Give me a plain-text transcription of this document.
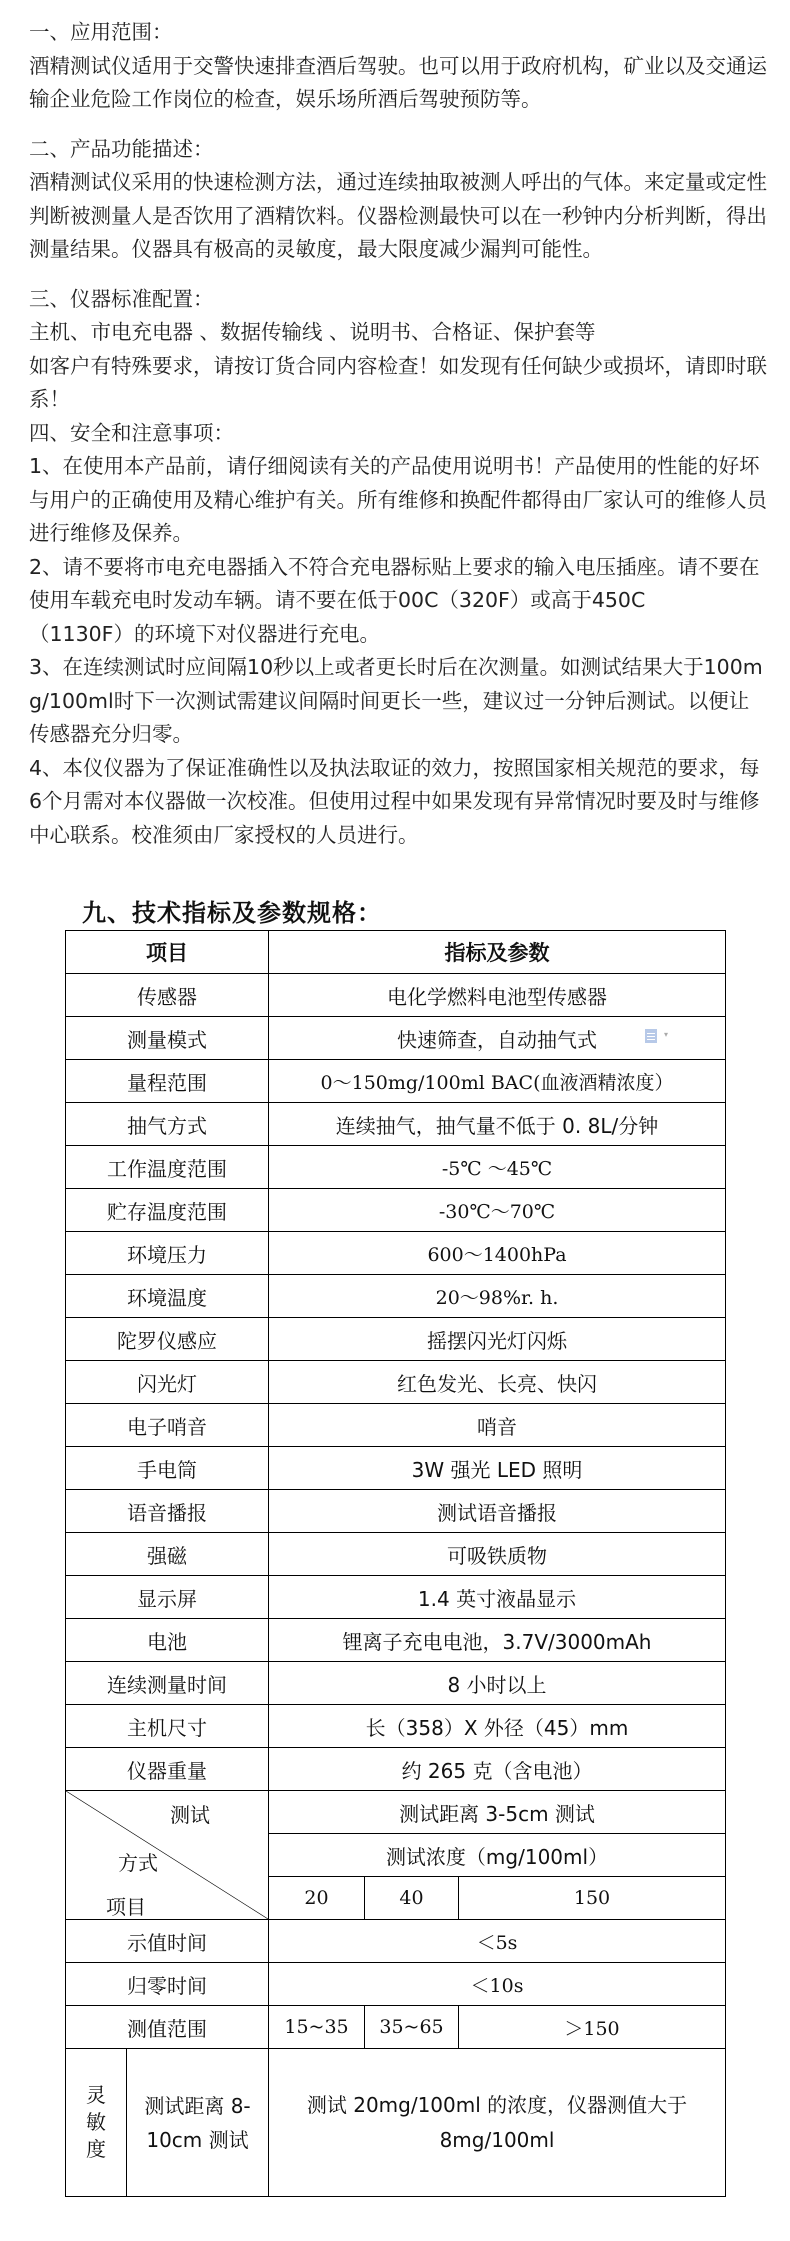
一、应用范围：

酒精测试仪适用于交警快速排查酒后驾驶。也可以用于政府机构，矿业以及交通运输企业危险工作岗位的检查，娱乐场所酒后驾驶预防等。

二、产品功能描述：

酒精测试仪采用的快速检测方法，通过连续抽取被测人呼出的气体。来定量或定性判断被测量人是否饮用了酒精饮料。仪器检测最快可以在一秒钟内分析判断，得出测量结果。仪器具有极高的灵敏度，最大限度减少漏判可能性。

三、仪器标准配置：

主机、市电充电器 、数据传输线 、说明书、合格证、保护套等

如客户有特殊要求，请按订货合同内容检查！如发现有任何缺少或损坏，请即时联系！

四、安全和注意事项：

1、在使用本产品前，请仔细阅读有关的产品使用说明书！产品使用的性能的好坏与用户的正确使用及精心维护有关。所有维修和换配件都得由厂家认可的维修人员进行维修及保养。

2、请不要将市电充电器插入不符合充电器标贴上要求的输入电压插座。请不要在使用车载充电时发动车辆。请不要在低于00C（320F）或高于450C

（1130F）的环境下对仪器进行充电。

3、在连续测试时应间隔10秒以上或者更长时后在次测量。如测试结果大于100mg/100ml时下一次测试需建议间隔时间更长一些，建议过一分钟后测试。以便让传感器充分归零。

4、本仪仪器为了保证准确性以及执法取证的效力，按照国家相关规范的要求，每6个月需对本仪器做一次校准。但使用过程中如果发现有异常情况时要及时与维修中心联系。校准须由厂家授权的人员进行。

九、技术指标及参数规格：
项目		指标及参数		
传感器		电化学燃料电池型传感器		
测量模式		快速筛查，自动抽气式		
量程范围		0～150mg/100ml BAC(血液酒精浓度）		
抽气方式		连续抽气，抽气量不低于 0. 8L/分钟		
工作温度范围		-5℃ ～45℃		
贮存温度范围		-30℃～70℃		
环境压力		600～1400hPa		
环境温度		20～98%r. h.		
陀罗仪感应		摇摆闪光灯闪烁		
闪光灯		红色发光、长亮、快闪		
电子哨音		哨音		
手电筒		3W 强光 LED 照明		
语音播报		测试语音播报		
强磁		可吸铁质物		
显示屏		1.4 英寸液晶显示		
电池		锂离子充电电池，3.7V/3000mAh		
连续测量时间		8 小时以上		
主机尺寸		长（358）X 外径（45）mm		
仪器重量		约 265 克（含电池）		

测试
方式
项目		测试距离 3-5cm 测试		
		测试浓度（mg/100ml）		
		20	40	150
示值时间		＜5s		
归零时间		＜10s		
测值范围		15~35	35~65	＞150

灵
敏
度	测试距离 8-10cm 测试	测试 20mg/100ml 的浓度，仪器测值大于 8mg/100ml		
▾
